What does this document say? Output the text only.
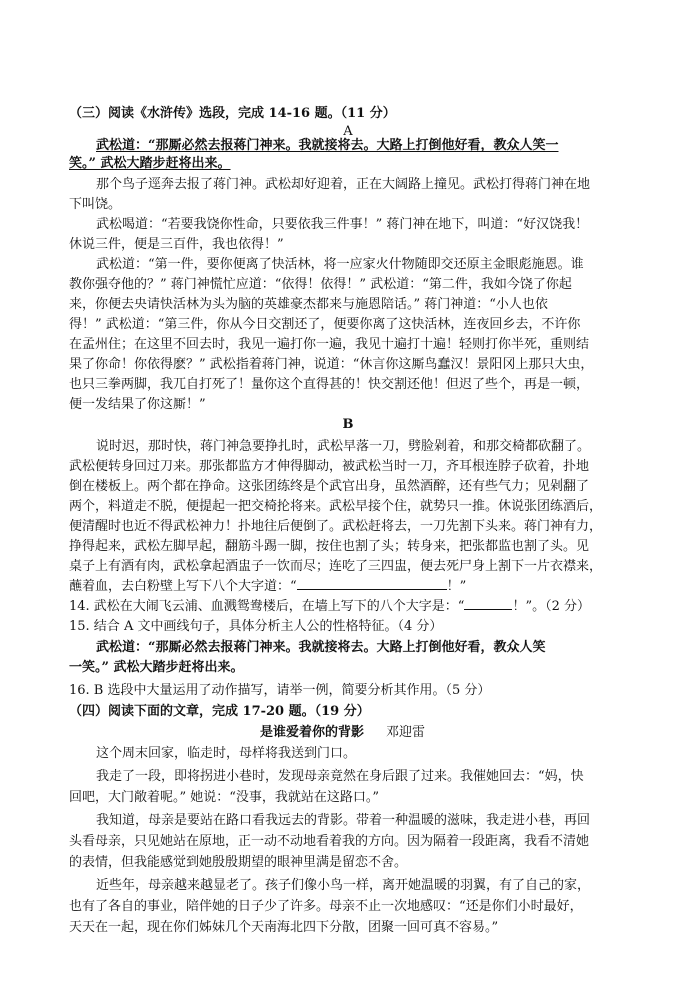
（三）阅读《水浒传》选段，完成 14-16 题。（11 分）
A
武松道：“那厮必然去报蒋门神来。我就接将去。大路上打倒他好看，教众人笑一
笑。” 武松大踏步赶将出来。
那个鸟子逕奔去报了蒋门神。武松却好迎着，正在大阔路上撞见。武松打得蒋门神在地
下叫饶。
武松喝道：“若要我饶你性命，只要依我三件事！” 蒋门神在地下，叫道：“好汉饶我！
休说三件，便是三百件，我也依得！”
武松道：“第一件，要你便离了快活林，将一应家火什物随即交还原主金眼彪施恩。谁
教你强夺他的？” 蒋门神慌忙应道：“依得！依得！” 武松道：“第二件，我如今饶了你起
来，你便去央请快活林为头为脑的英雄豪杰都来与施恩陪话。” 蒋门神道：“小人也依
得！” 武松道：“第三件，你从今日交割还了，便要你离了这快活林，连夜回乡去，不许你
在孟州住；在这里不回去时，我见一遍打你一遍，我见十遍打十遍！轻则打你半死，重则结
果了你命！你依得麽？” 武松指着蒋门神，说道：“休言你这厮鸟蠢汉！景阳冈上那只大虫，
也只三拳两脚，我兀自打死了！量你这个直得甚的！快交割还他！但迟了些个，再是一顿，
便一发结果了你这厮！”
B
说时迟，那时快，蒋门神急要挣扎时，武松早落一刀，劈脸剁着，和那交椅都砍翻了。
武松便转身回过刀来。那张都监方才伸得脚动，被武松当时一刀，齐耳根连脖子砍着，扑地
倒在楼板上。两个都在挣命。这张团练终是个武官出身，虽然酒醉，还有些气力；见剁翻了
两个，料道走不脱，便提起一把交椅抡将来。武松早接个住，就势只一推。休说张团练酒后，
便清醒时也近不得武松神力！扑地往后便倒了。武松赶将去，一刀先割下头来。蒋门神有力，
挣得起来，武松左脚早起，翻筋斗踢一脚，按住也割了头；转身来，把张都监也割了头。见
桌子上有酒有肉，武松拿起酒盅子一饮而尽；连吃了三四盅，便去死尸身上割下一片衣襟来，
蘸着血，去白粉壁上写下八个大字道：“	！”
14. 武松在大闹飞云浦、血溅鸳鸯楼后，在墙上写下的八个大字是：“	！”。（2 分）
15. 结合 A 文中画线句子，具体分析主人公的性格特征。（4 分）
武松道：“那厮必然去报蒋门神来。我就接将去。大路上打倒他好看，教众人笑
一笑。” 武松大踏步赶将出来。
16. B 选段中大量运用了动作描写，请举一例，简要分析其作用。（5 分）
（四）阅读下面的文章，完成 17-20 题。（19 分）
是谁爱着你的背影 邓迎雷
这个周末回家，临走时，母样将我送到门口。
我走了一段，即将拐进小巷时，发现母亲竟然在身后跟了过来。我催她回去：“妈，快
回吧，大门敞着呢。” 她说：“没事，我就站在这路口。”
我知道，母亲是要站在路口看我远去的背影。带着一种温暖的滋味，我走进小巷，再回
头看母亲，只见她站在原地，正一动不动地看着我的方向。因为隔着一段距离，我看不清她
的表情，但我能感觉到她殷殷期望的眼神里满是留恋不舍。
近些年，母亲越来越显老了。孩子们像小鸟一样，离开她温暖的羽翼，有了自己的家，
也有了各自的事业，陪伴她的日子少了许多。母亲不止一次地感叹：“还是你们小时最好，
天天在一起，现在你们姊妹几个天南海北四下分散，团聚一回可真不容易。”
